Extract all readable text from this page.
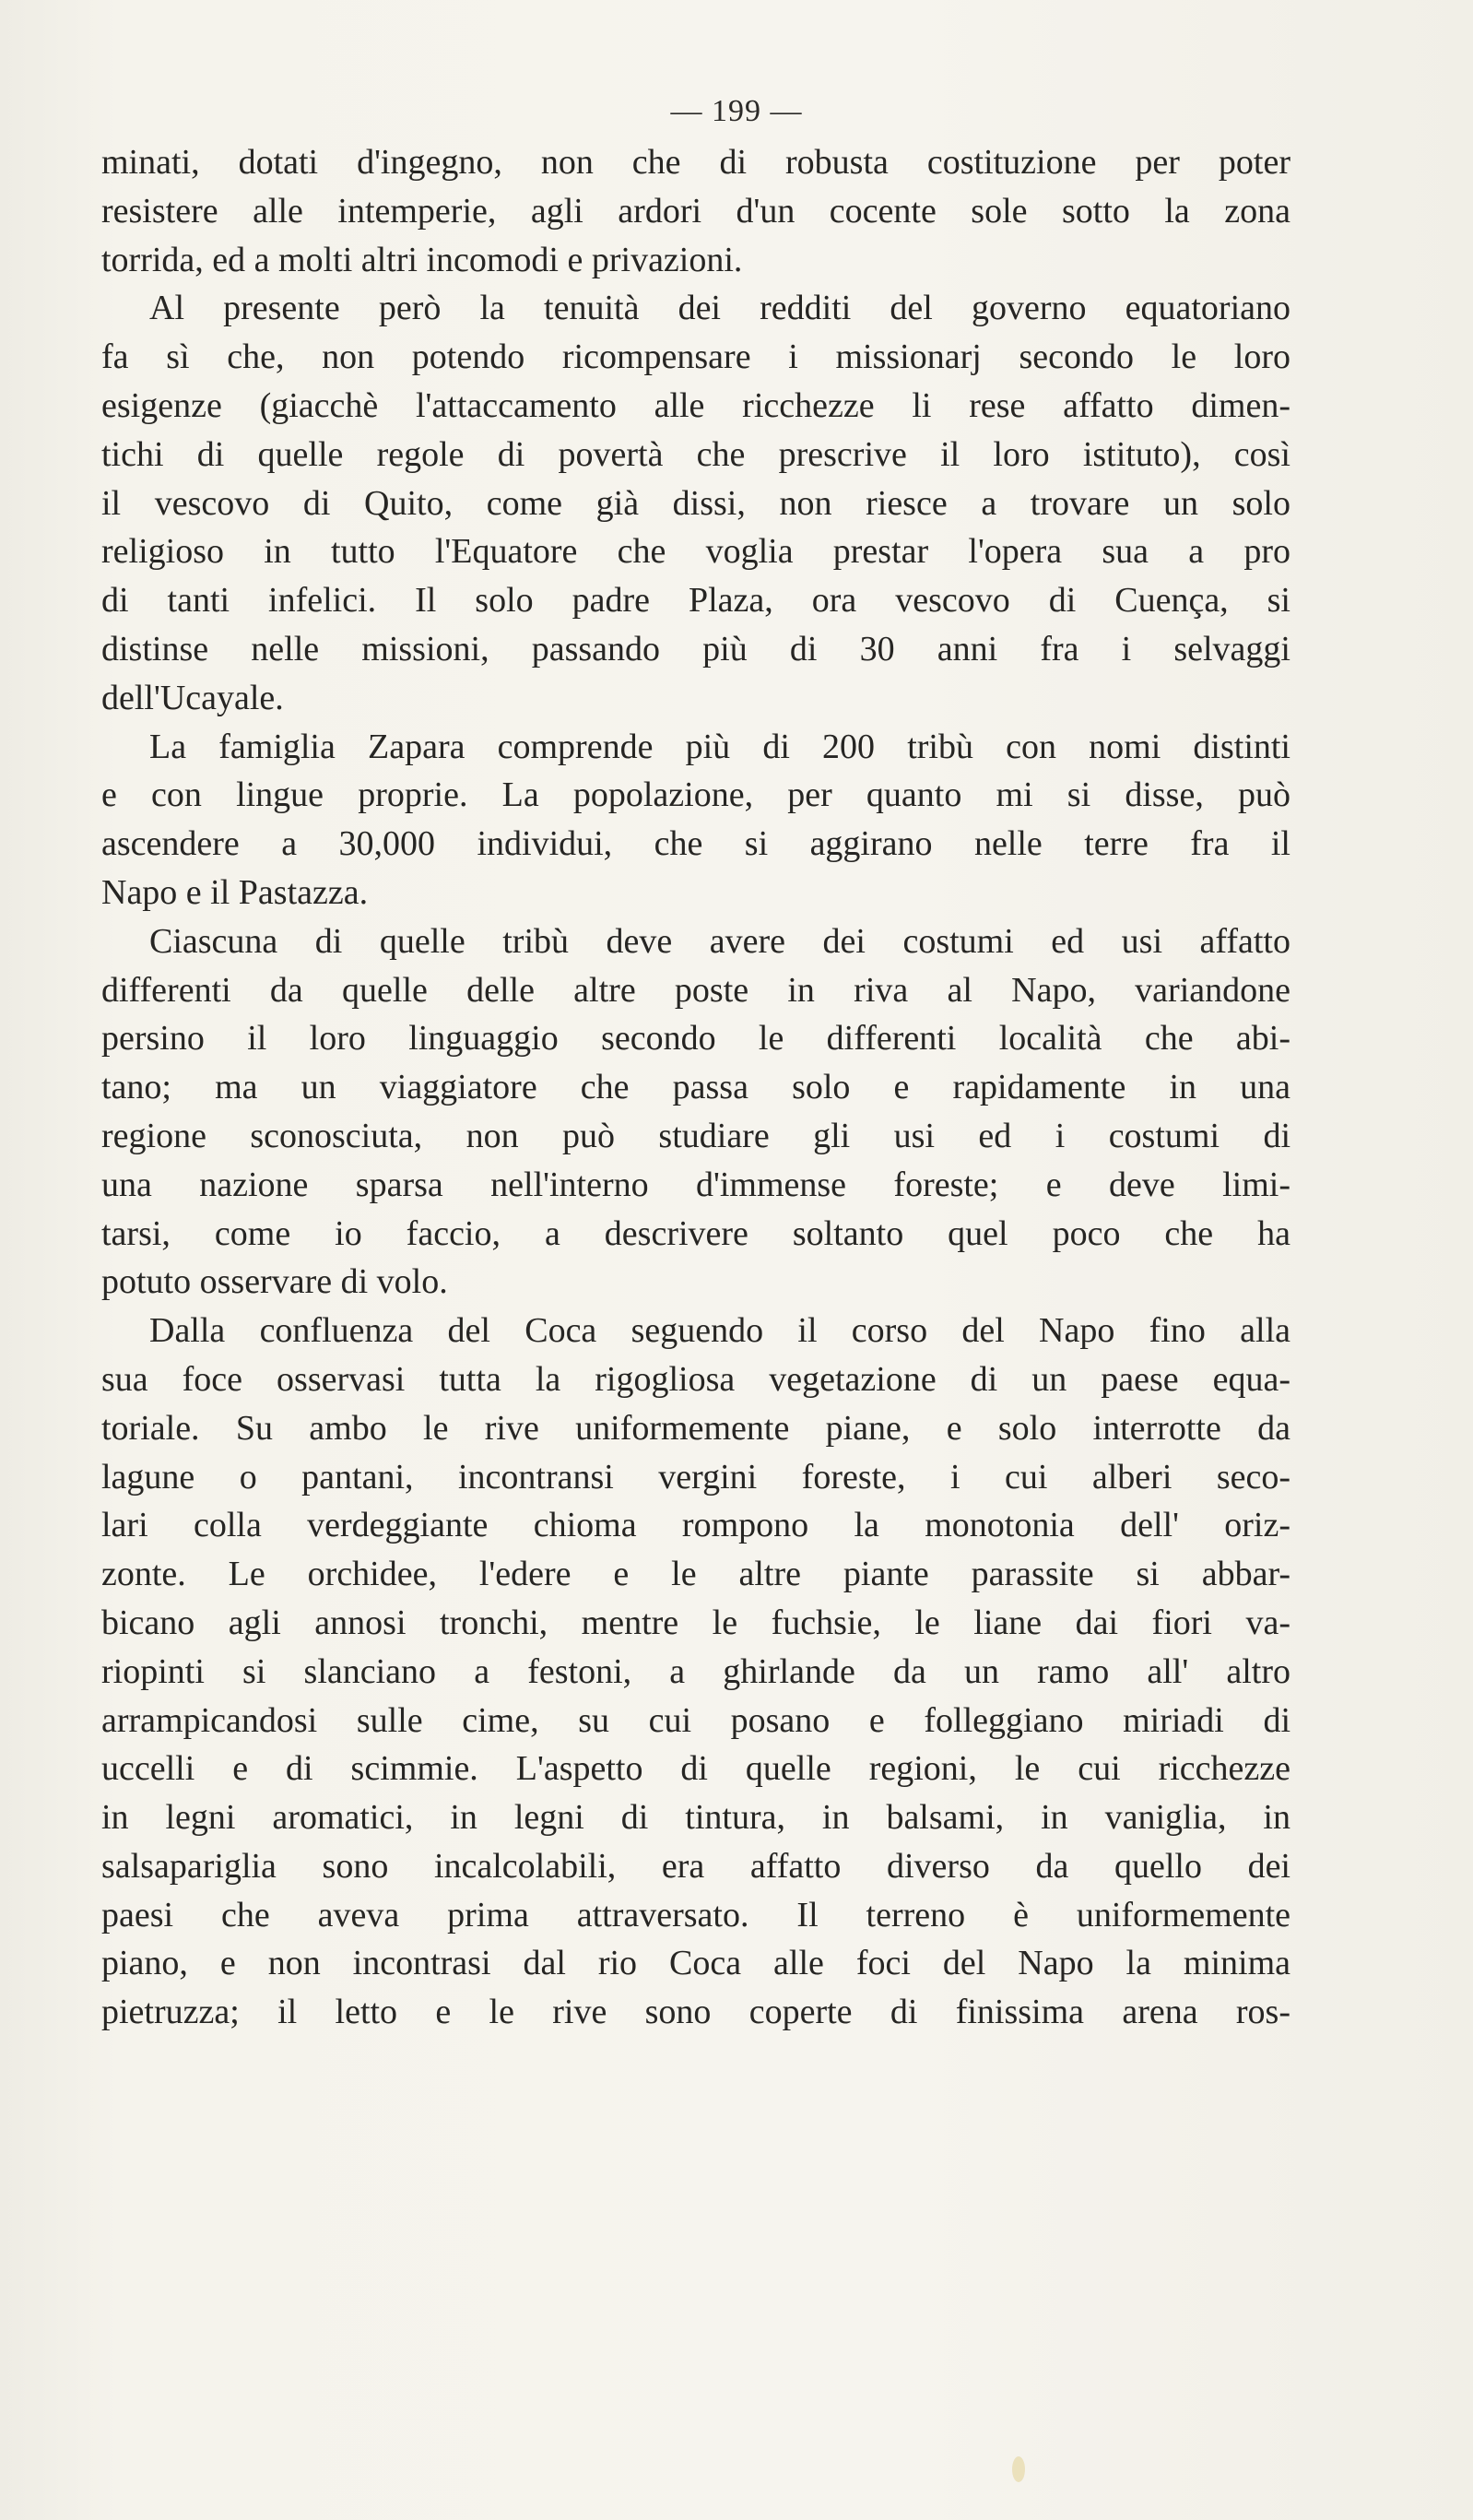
— 199 —
minati, dotati d'ingegno, non che di robusta costituzione per poter
resistere alle intemperie, agli ardori d'un cocente sole sotto la zona
torrida, ed a molti altri incomodi e privazioni.
Al presente però la tenuità dei redditi del governo equatoriano
fa sì che, non potendo ricompensare i missionarj secondo le loro
esigenze (giacchè l'attaccamento alle ricchezze li rese affatto dimen-
tichi di quelle regole di povertà che prescrive il loro istituto), così
il vescovo di Quito, come già dissi, non riesce a trovare un solo
religioso in tutto l'Equatore che voglia prestar l'opera sua a pro
di tanti infelici. Il solo padre Plaza, ora vescovo di Cuença, si
distinse nelle missioni, passando più di 30 anni fra i selvaggi
dell'Ucayale.
La famiglia Zapara comprende più di 200 tribù con nomi distinti
e con lingue proprie. La popolazione, per quanto mi si disse, può
ascendere a 30,000 individui, che si aggirano nelle terre fra il
Napo e il Pastazza.
Ciascuna di quelle tribù deve avere dei costumi ed usi affatto
differenti da quelle delle altre poste in riva al Napo, variandone
persino il loro linguaggio secondo le differenti località che abi-
tano; ma un viaggiatore che passa solo e rapidamente in una
regione sconosciuta, non può studiare gli usi ed i costumi di
una nazione sparsa nell'interno d'immense foreste; e deve limi-
tarsi, come io faccio, a descrivere soltanto quel poco che ha
potuto osservare di volo.
Dalla confluenza del Coca seguendo il corso del Napo fino alla
sua foce osservasi tutta la rigogliosa vegetazione di un paese equa-
toriale. Su ambo le rive uniformemente piane, e solo interrotte da
lagune o pantani, incontransi vergini foreste, i cui alberi seco-
lari colla verdeggiante chioma rompono la monotonia dell' oriz-
zonte. Le orchidee, l'edere e le altre piante parassite si abbar-
bicano agli annosi tronchi, mentre le fuchsie, le liane dai fiori va-
riopinti si slanciano a festoni, a ghirlande da un ramo all' altro
arrampicandosi sulle cime, su cui posano e folleggiano miriadi di
uccelli e di scimmie. L'aspetto di quelle regioni, le cui ricchezze
in legni aromatici, in legni di tintura, in balsami, in vaniglia, in
salsapariglia sono incalcolabili, era affatto diverso da quello dei
paesi che aveva prima attraversato. Il terreno è uniformemente
piano, e non incontrasi dal rio Coca alle foci del Napo la minima
pietruzza; il letto e le rive sono coperte di finissima arena ros-
